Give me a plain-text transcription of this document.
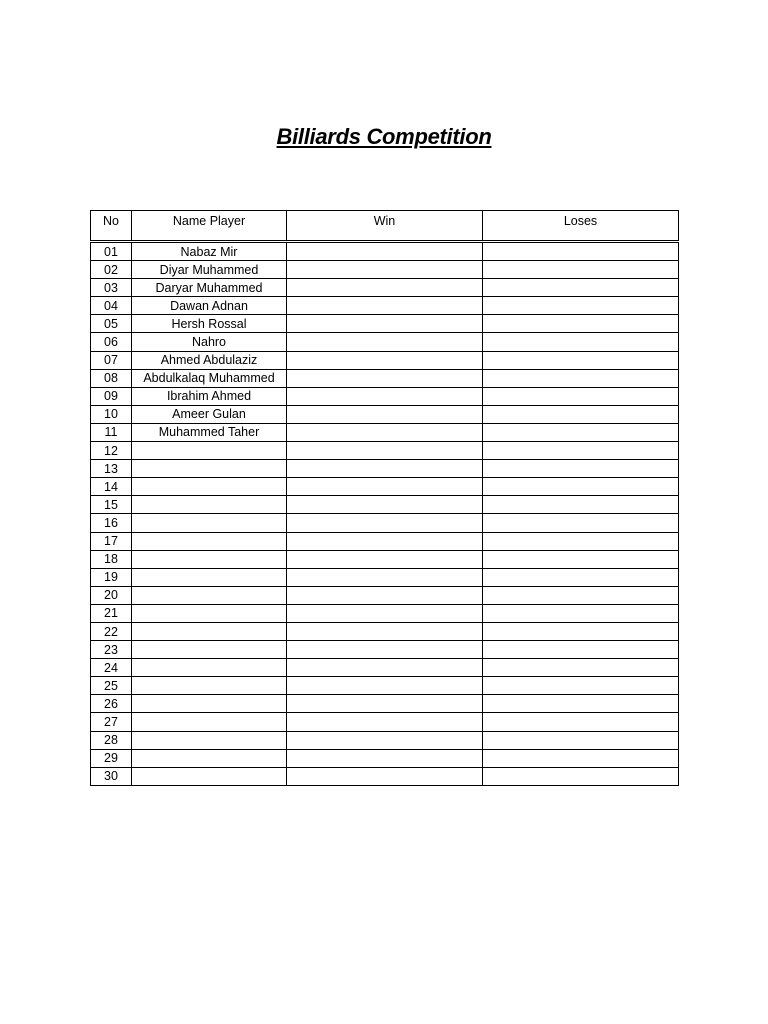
Billiards Competition
No	Name Player	Win	Loses
01	Nabaz Mir		
02	Diyar Muhammed		
03	Daryar Muhammed		
04	Dawan Adnan		
05	Hersh Rossal		
06	Nahro		
07	Ahmed Abdulaziz		
08	Abdulkalaq Muhammed		
09	Ibrahim Ahmed		
10	Ameer Gulan		
11	Muhammed Taher		
12			
13			
14			
15			
16			
17			
18			
19			
20			
21			
22			
23			
24			
25			
26			
27			
28			
29			
30			
